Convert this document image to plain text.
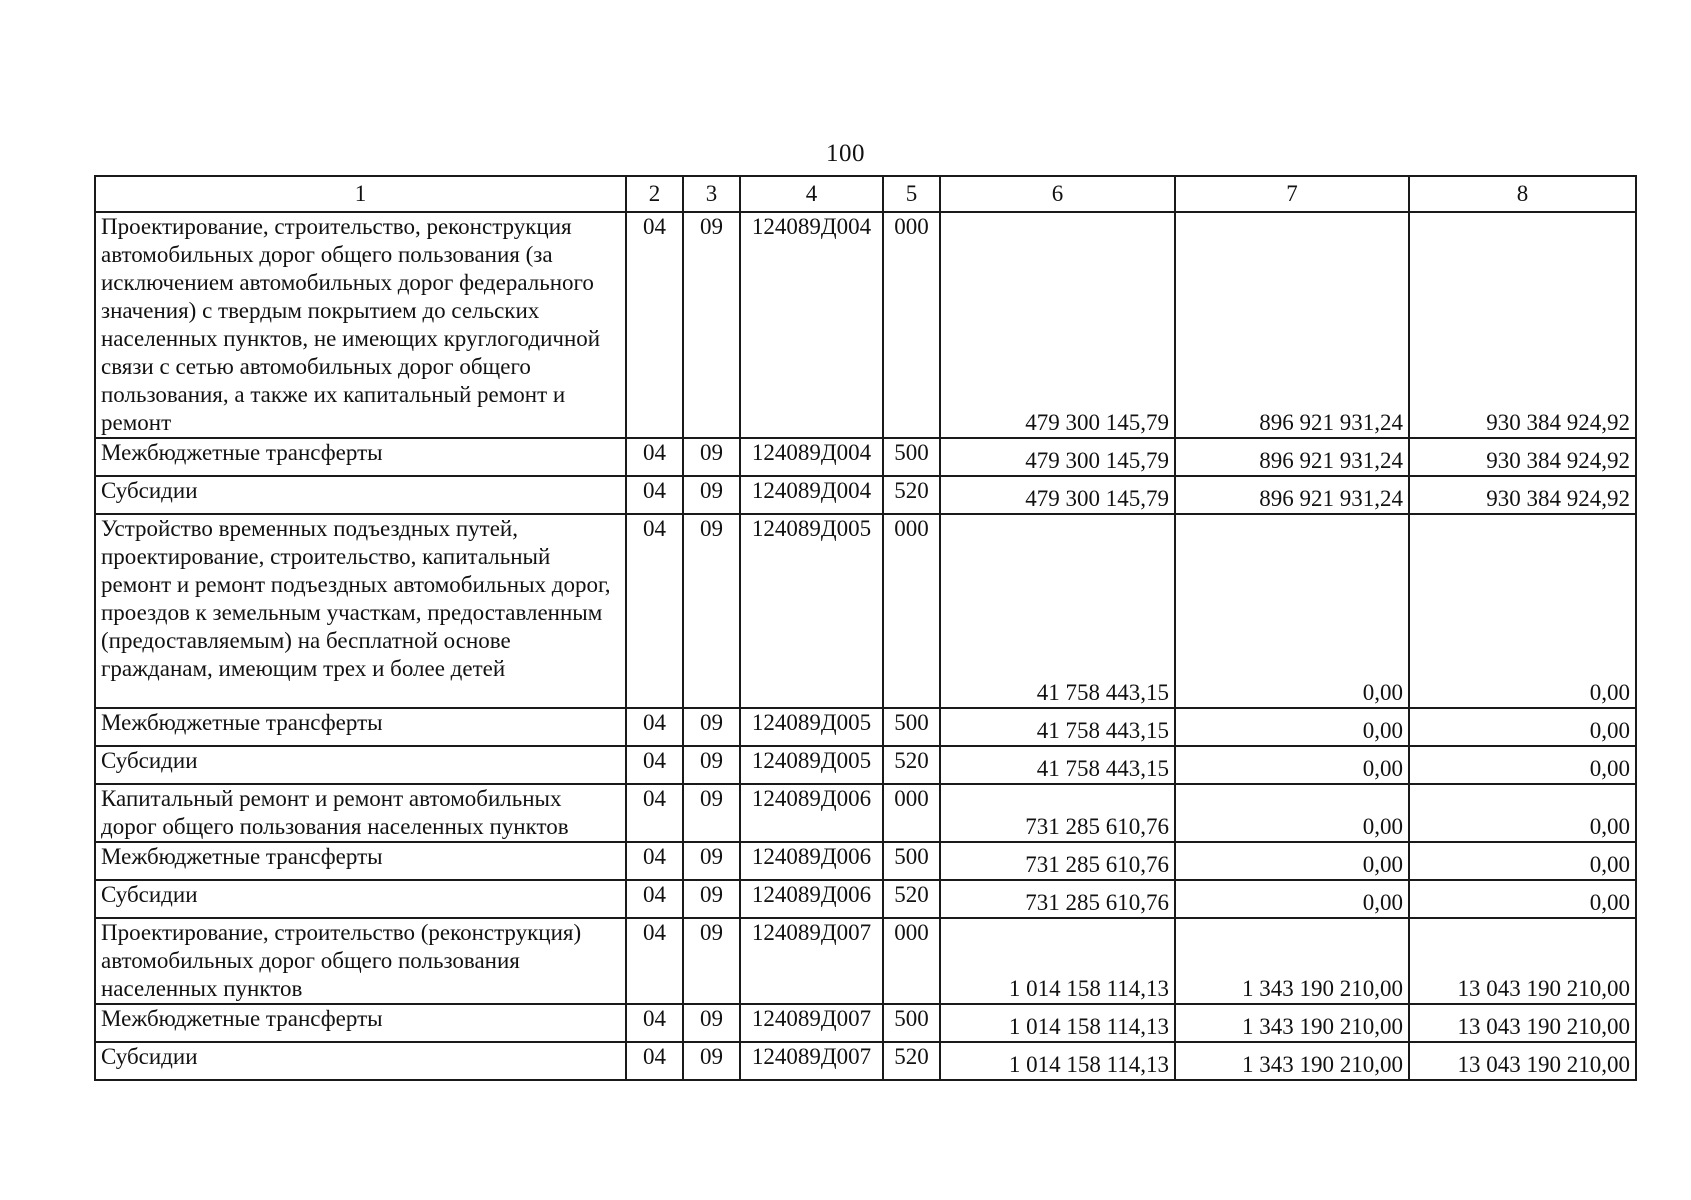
100
1	2	3	4	5	6	7	8
Проектирование, строительство, реконструкция автомобильных дорог общего пользования (за исключением автомобильных дорог федерального значения) с твердым покрытием до сельских населенных пунктов, не имеющих круглогодичной связи с сетью автомобильных дорог общего пользования, а также их капитальный ремонт и ремонт	04	09	124089Д004	000	479 300 145,79	896 921 931,24	930 384 924,92
Межбюджетные трансферты	04	09	124089Д004	500	479 300 145,79	896 921 931,24	930 384 924,92
Субсидии	04	09	124089Д004	520	479 300 145,79	896 921 931,24	930 384 924,92
Устройство временных подъездных путей, проектирование, строительство, капитальный ремонт и ремонт подъездных автомобильных дорог, проездов к земельным участкам, предоставленным (предоставляемым) на бесплатной основе гражданам, имеющим трех и более детей	04	09	124089Д005	000	41 758 443,15	0,00	0,00
Межбюджетные трансферты	04	09	124089Д005	500	41 758 443,15	0,00	0,00
Субсидии	04	09	124089Д005	520	41 758 443,15	0,00	0,00
Капитальный ремонт и ремонт автомобильных дорог общего пользования населенных пунктов	04	09	124089Д006	000	731 285 610,76	0,00	0,00
Межбюджетные трансферты	04	09	124089Д006	500	731 285 610,76	0,00	0,00
Субсидии	04	09	124089Д006	520	731 285 610,76	0,00	0,00
Проектирование, строительство (реконструкция) автомобильных дорог общего пользования населенных пунктов	04	09	124089Д007	000	1 014 158 114,13	1 343 190 210,00	13 043 190 210,00
Межбюджетные трансферты	04	09	124089Д007	500	1 014 158 114,13	1 343 190 210,00	13 043 190 210,00
Субсидии	04	09	124089Д007	520	1 014 158 114,13	1 343 190 210,00	13 043 190 210,00
